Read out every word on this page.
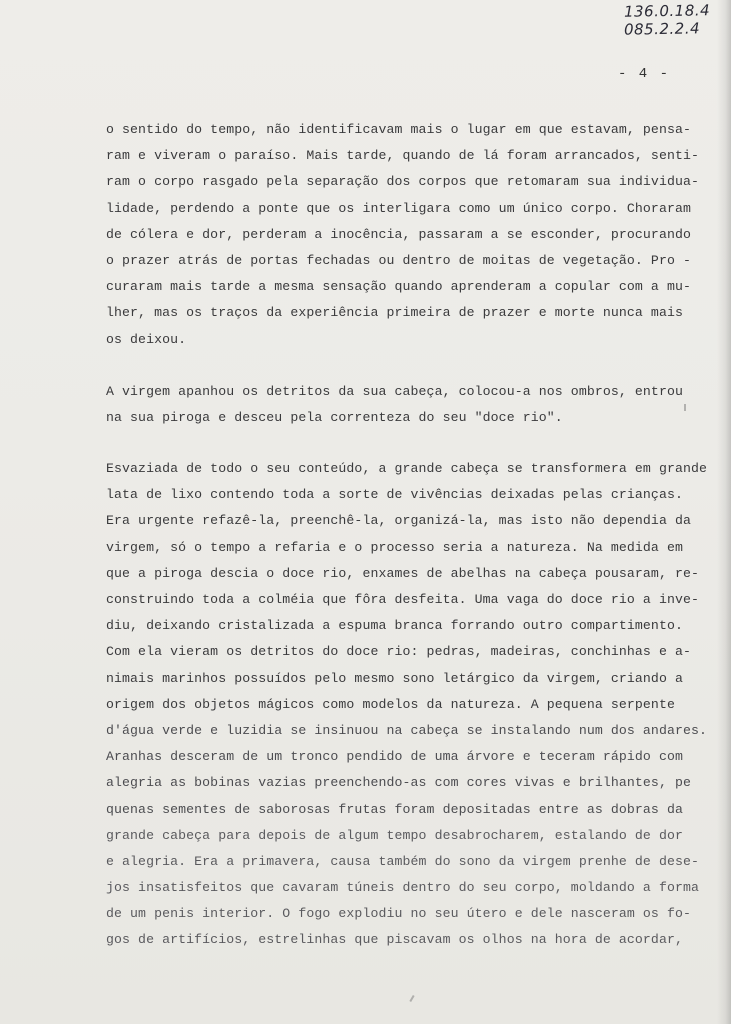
136.0.18.4
085.2.2.4
- 4 -
o sentido do tempo, não identificavam mais o lugar em que estavam, pensa-
ram e viveram o paraíso. Mais tarde, quando de lá foram arrancados, senti-
ram o corpo rasgado pela separação dos corpos que retomaram sua individua-
lidade, perdendo a ponte que os interligara como um único corpo. Choraram
de cólera e dor, perderam a inocência, passaram a se esconder, procurando
o prazer atrás de portas fechadas ou dentro de moitas de vegetação. Pro -
curaram mais tarde a mesma sensação quando aprenderam a copular com a mu-
lher, mas os traços da experiência primeira de prazer e morte nunca mais
os deixou.
A virgem apanhou os detritos da sua cabeça, colocou-a nos ombros, entrou
na sua piroga e desceu pela correnteza do seu "doce rio".
Esvaziada de todo o seu conteúdo, a grande cabeça se transformera em grande
lata de lixo contendo toda a sorte de vivências deixadas pelas crianças.
Era urgente refazê-la, preenchê-la, organizá-la, mas isto não dependia da
virgem, só o tempo a refaria e o processo seria a natureza. Na medida em
que a piroga descia o doce rio, enxames de abelhas na cabeça pousaram, re-
construindo toda a colméia que fôra desfeita. Uma vaga do doce rio a inve-
diu, deixando cristalizada a espuma branca forrando outro compartimento.
Com ela vieram os detritos do doce rio: pedras, madeiras, conchinhas e a-
nimais marinhos possuídos pelo mesmo sono letárgico da virgem, criando a
origem dos objetos mágicos como modelos da natureza. A pequena serpente
d'água verde e luzidia se insinuou na cabeça se instalando num dos andares.
Aranhas desceram de um tronco pendido de uma árvore e teceram rápido com
alegria as bobinas vazias preenchendo-as com cores vivas e brilhantes, pe
quenas sementes de saborosas frutas foram depositadas entre as dobras da
grande cabeça para depois de algum tempo desabrocharem, estalando de dor
e alegria. Era a primavera, causa também do sono da virgem prenhe de dese-
jos insatisfeitos que cavaram túneis dentro do seu corpo, moldando a forma
de um penis interior. O fogo explodiu no seu útero e dele nasceram os fo-
gos de artifícios, estrelinhas que piscavam os olhos na hora de acordar,
